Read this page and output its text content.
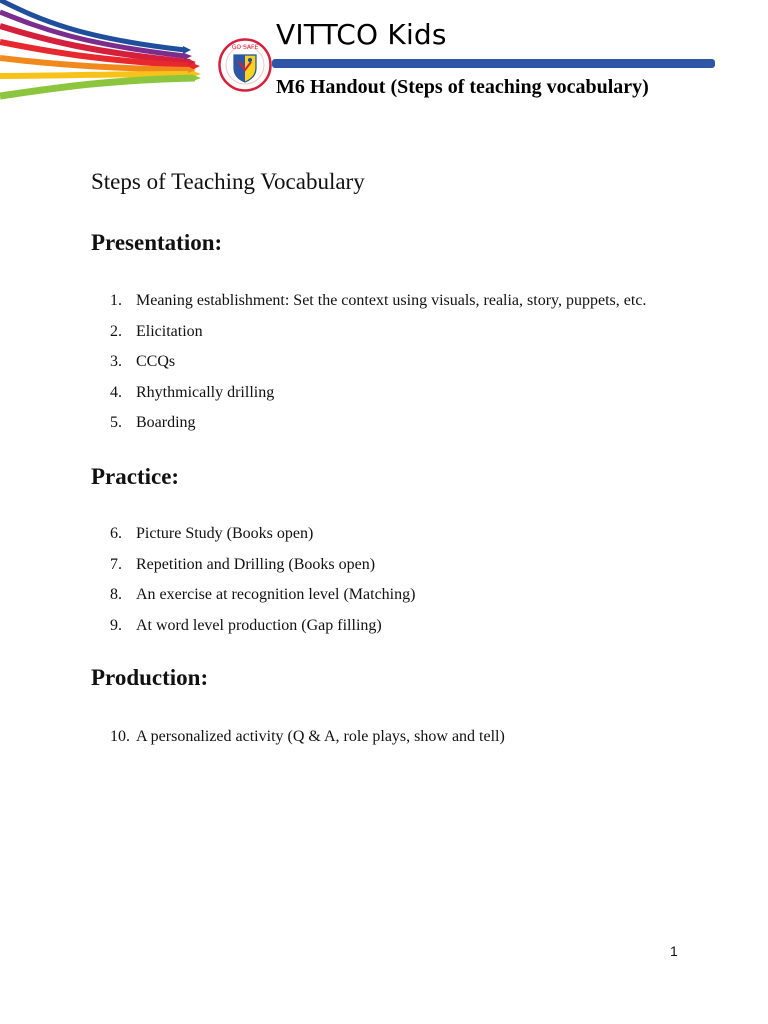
GO SAFE VITTCO Kids
M6 Handout (Steps of teaching vocabulary)
Steps of Teaching Vocabulary
Presentation:
1. Meaning establishment: Set the context using visuals, realia, story, puppets, etc.
2. Elicitation
3. CCQs
4. Rhythmically drilling
5. Boarding
Practice:
6. Picture Study (Books open)
7. Repetition and Drilling (Books open)
8. An exercise at recognition level (Matching)
9. At word level production (Gap filling)
Production:
10. A personalized activity (Q & A, role plays, show and tell)
1
